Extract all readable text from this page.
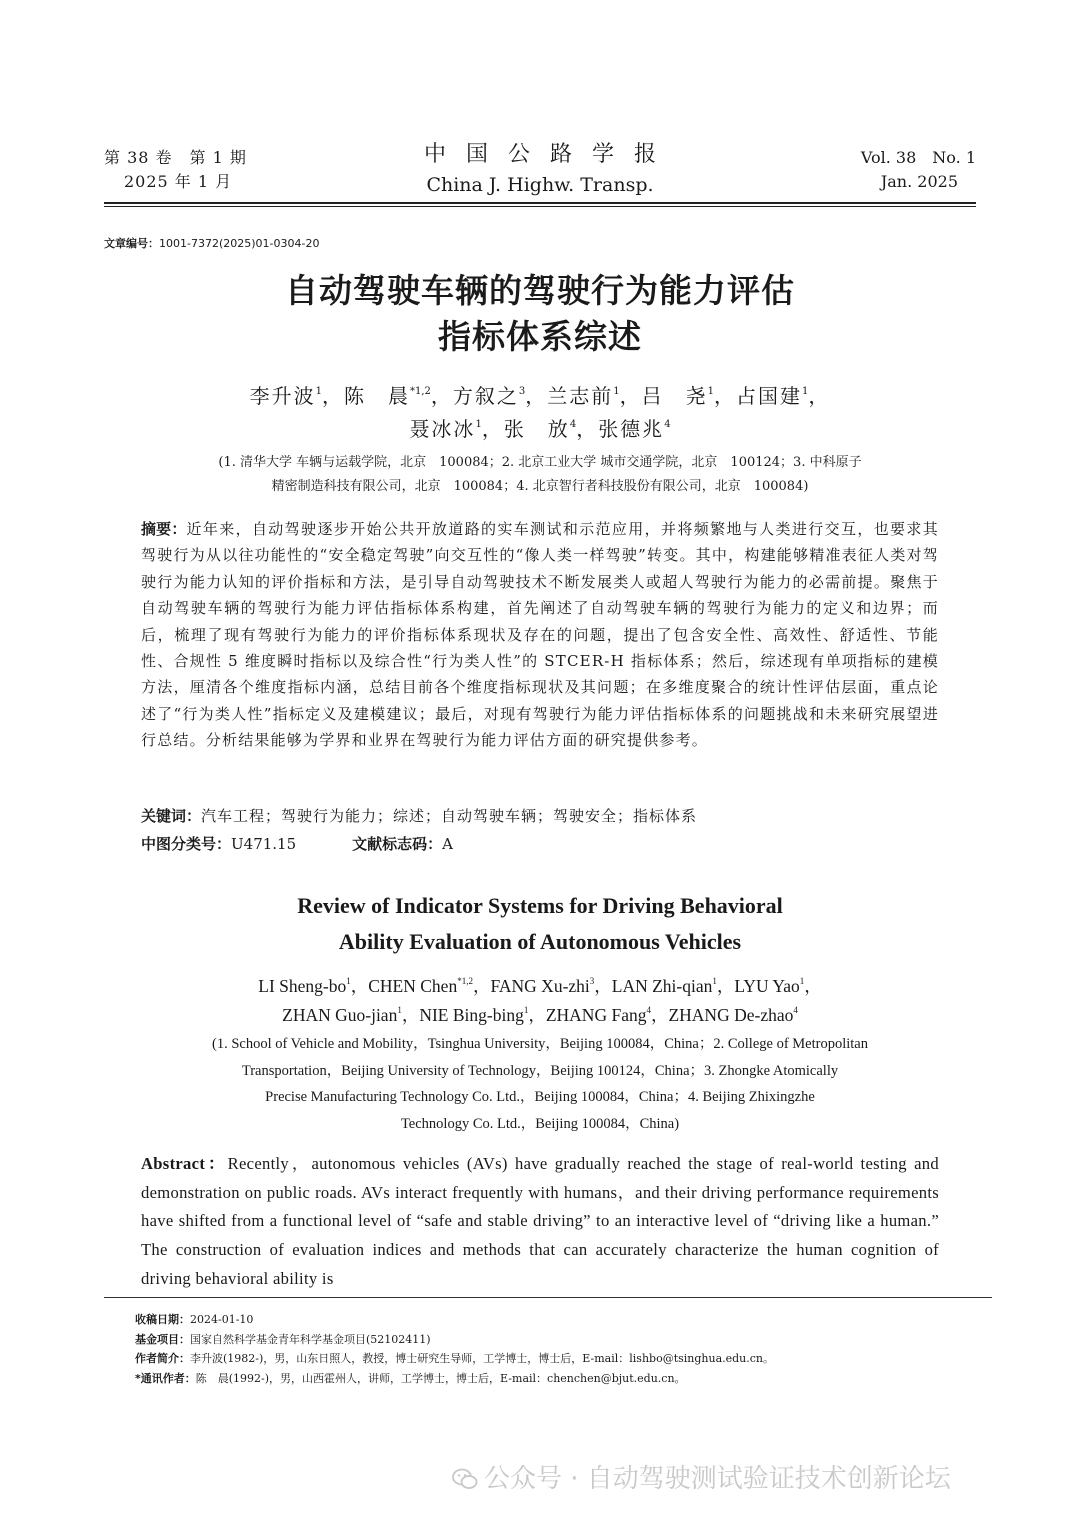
第 38 卷　第 1 期
2025 年 1 月
中国公路学报
China J. Highw. Transp.
Vol. 38　No. 1
Jan. 2025
文章编号：1001-7372(2025)01-0304-20
自动驾驶车辆的驾驶行为能力评估
指标体系综述
李升波$^1$，陈　晨$^{*1,2}$，方叙之$^3$，兰志前$^1$，吕　尧$^1$，占国建$^1$，
聂冰冰$^1$，张　放$^4$，张德兆$^4$
(1. 清华大学 车辆与运载学院，北京　100084；2. 北京工业大学 城市交通学院，北京　100124；3. 中科原子
精密制造科技有限公司，北京　100084；4. 北京智行者科技股份有限公司，北京　100084)
摘要：近年来，自动驾驶逐步开始公共开放道路的实车测试和示范应用，并将频繁地与人类进行交互，也要求其驾驶行为从以往功能性的“安全稳定驾驶”向交互性的“像人类一样驾驶”转变。其中，构建能够精准表征人类对驾驶行为能力认知的评价指标和方法，是引导自动驾驶技术不断发展类人或超人驾驶行为能力的必需前提。聚焦于自动驾驶车辆的驾驶行为能力评估指标体系构建，首先阐述了自动驾驶车辆的驾驶行为能力的定义和边界；而后，梳理了现有驾驶行为能力的评价指标体系现状及存在的问题，提出了包含安全性、高效性、舒适性、节能性、合规性 5 维度瞬时指标以及综合性“行为类人性”的 STCER-H 指标体系；然后，综述现有单项指标的建模方法，厘清各个维度指标内涵，总结目前各个维度指标现状及其问题；在多维度聚合的统计性评估层面，重点论述了“行为类人性”指标定义及建模建议；最后，对现有驾驶行为能力评估指标体系的问题挑战和未来研究展望进行总结。分析结果能够为学界和业界在驾驶行为能力评估方面的研究提供参考。
关键词：汽车工程；驾驶行为能力；综述；自动驾驶车辆；驾驶安全；指标体系
中图分类号：U471.15	文献标志码：A
Review of Indicator Systems for Driving Behavioral
Ability Evaluation of Autonomous Vehicles
LI Sheng-$bo^1$，CHEN Chen$^{*1,2}$，FANG Xu-zhi$^3$，LAN Zhi-qian$^1$，LYU Yao$^1$，
ZHAN Guo-jian$^1$，NIE Bing-bing$^1$，ZHANG Fang$^4$，ZHANG De-zhao$^4$
(1. School of Vehicle and Mobility，Tsinghua University，Beijing 100084，China；2. College of Metropolitan
Transportation，Beijing University of Technology，Beijing 100124，China；3. Zhongke Atomically
Precise Manufacturing Technology Co. Ltd.，Beijing 100084，China；4. Beijing Zhixingzhe
Technology Co. Ltd.，Beijing 100084，China)
Abstract：Recently，autonomous vehicles (AVs) have gradually reached the stage of real-world testing and demonstration on public roads. AVs interact frequently with humans，and their driving performance requirements have shifted from a functional level of “safe and stable driving” to an interactive level of “driving like a human.” The construction of evaluation indices and methods that can accurately characterize the human cognition of driving behavioral ability is
收稿日期：2024-01-10
基金项目：国家自然科学基金青年科学基金项目(52102411)
作者简介：李升波(1982-)，男，山东日照人，教授，博士研究生导师，工学博士，博士后，E-mail：lishbo@tsinghua.edu.cn。
*通讯作者：陈　晨(1992-)，男，山西霍州人，讲师，工学博士，博士后，E-mail：chenchen@bjut.edu.cn。
公众号 · 自动驾驶测试验证技术创新论坛
